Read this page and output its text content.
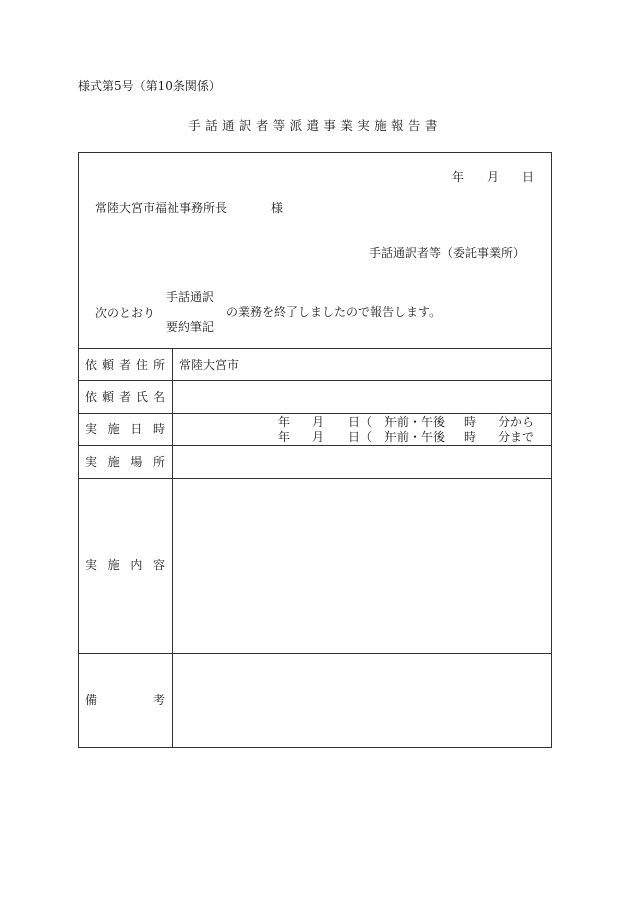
様式第5号（第10条関係）
手話通訳者等派遣事業実施報告書
年 月 日
常陸大宮市福祉事務所長	様
手話通訳者等（委託事業所）
次のとおり
手話通訳
要約筆記
の業務を終了しましたので報告します。
依 頼 者 住 所
依 頼 者 氏 名
実 施 日 時
実 施 場 所
実 施 内 容
備	考
常陸大宮市
年 月 日（　）
午前・午後 時 分から
年 月 日（　）
午前・午後 時 分まで
